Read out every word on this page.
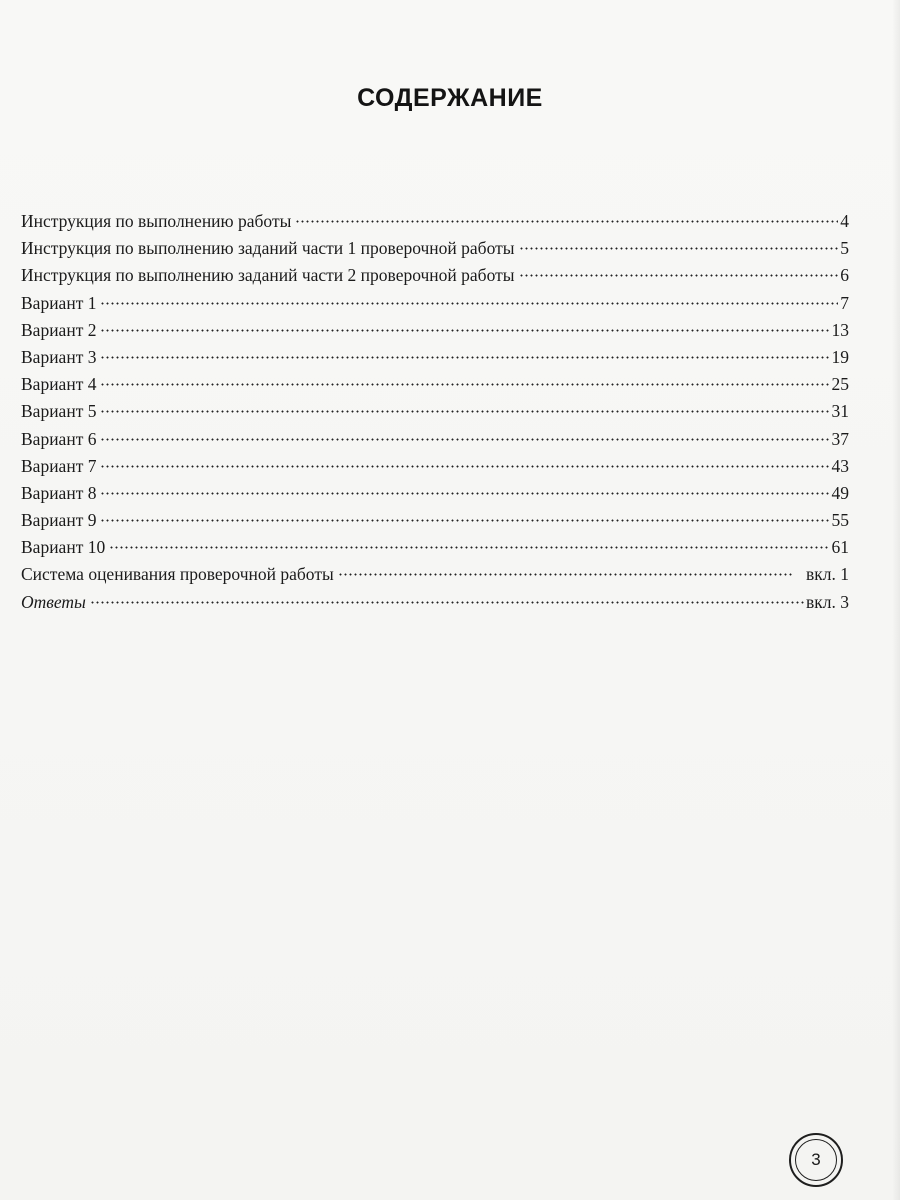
СОДЕРЖАНИЕ
Инструкция по выполнению работы	4
Инструкция по выполнению заданий части 1 проверочной работы	5
Инструкция по выполнению заданий части 2 проверочной работы	6
Вариант 1	7
Вариант 2	13
Вариант 3	19
Вариант 4	25
Вариант 5	31
Вариант 6	37
Вариант 7	43
Вариант 8	49
Вариант 9	55
Вариант 10	61
Система оценивания проверочной работы	вкл. 1
Ответы	вкл. 3
3
